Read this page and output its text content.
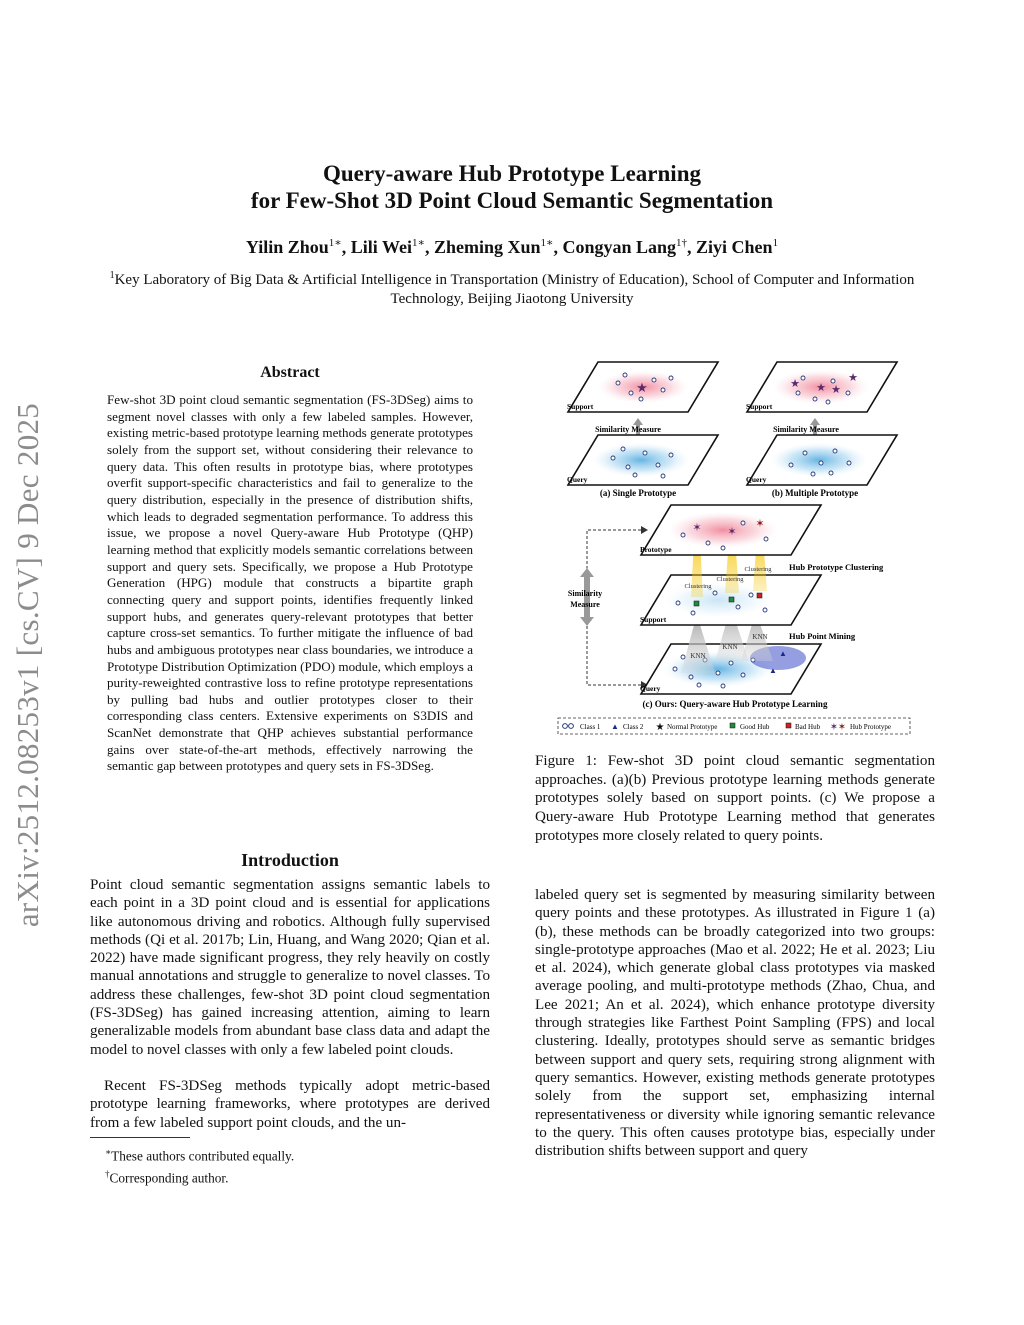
arXiv:2512.08253v1 [cs.CV] 9 Dec 2025
Query-aware Hub Prototype Learning
for Few-Shot 3D Point Cloud Semantic Segmentation
Yilin Zhou$^{1∗}$, Lili Wei$^{1∗}$, Zheming Xun$^{1∗}$, Congyan Lang$^{1\dagger}$, Ziyi Chen$^1$
$^1$Key Laboratory of Big Data & Artificial Intelligence in Transportation (Ministry of Education), School of Computer and Information Technology, Beijing Jiaotong University
Abstract
Few-shot 3D point cloud semantic segmentation (FS-3DSeg) aims to segment novel classes with only a few labeled samples. However, existing metric-based prototype learning methods generate prototypes solely from the support set, without considering their relevance to query data. This often results in prototype bias, where prototypes overfit support-specific characteristics and fail to generalize to the query distribution, especially in the presence of distribution shifts, which leads to degraded segmentation performance. To address this issue, we propose a novel Query-aware Hub Prototype (QHP) learning method that explicitly models semantic correlations between support and query sets. Specifically, we propose a Hub Prototype Generation (HPG) module that constructs a bipartite graph connecting query and support points, identifies frequently linked support hubs, and generates query-relevant prototypes that better capture cross-set semantics. To further mitigate the influence of bad hubs and ambiguous prototypes near class boundaries, we introduce a Prototype Distribution Optimization (PDO) module, which employs a purity-reweighted contrastive loss to refine prototype representations by pulling bad hubs and outlier prototypes closer to their corresponding class centers. Extensive experiments on S3DIS and ScanNet demonstrate that QHP achieves substantial performance gains over state-of-the-art methods, effectively narrowing the semantic gap between prototypes and query sets in FS-3DSeg.
Introduction
Point cloud semantic segmentation assigns semantic labels to each point in a 3D point cloud and is essential for applications like autonomous driving and robotics. Although fully supervised methods (Qi et al. 2017b; Lin, Huang, and Wang 2020; Qian et al. 2022) have made significant progress, they rely heavily on costly manual annotations and struggle to generalize to novel classes. To address these challenges, few-shot 3D point cloud segmentation (FS-3DSeg) has gained increasing attention, aiming to learn generalizable models from abundant base class data and adapt the model to novel classes with only a few labeled point clouds.
Recent FS-3DSeg methods typically adopt metric-based prototype learning frameworks, where prototypes are derived from a few labeled support point clouds, and the un-
∗These authors contributed equally.
†Corresponding author.
★
Support
Similarity Measure
Query
(a) Single Prototype
★ ★
★
★
Support
Similarity Measure
Query
(b) Multiple Prototype
Similarity
Measure
▲
▲
Query
KNN
KNN
KNN
Support
Clustering
Clustering
Clustering
✶ ✶
✶
Prototype
Hub Prototype Clustering
Hub Point Mining
(c) Ours: Query-aware Hub Prototype Learning
Class 1 ▲ Class 2 ★ Normal Prototype	Good Hub	Bad Hub ✶ ✶ Hub Prototype
Figure 1: Few-shot 3D point cloud semantic segmentation approaches. (a)(b) Previous prototype learning methods generate prototypes solely based on support points. (c) We propose a Query-aware Hub Prototype Learning method that generates prototypes more closely related to query points.
labeled query set is segmented by measuring similarity between query points and these prototypes. As illustrated in Figure 1 (a)(b), these methods can be broadly categorized into two groups: single-prototype approaches (Mao et al. 2022; He et al. 2023; Liu et al. 2024), which generate global class prototypes via masked average pooling, and multi-prototype methods (Zhao, Chua, and Lee 2021; An et al. 2024), which enhance prototype diversity through strategies like Farthest Point Sampling (FPS) and local clustering. Ideally, prototypes should serve as semantic bridges between support and query sets, requiring strong alignment with query semantics. However, existing methods generate prototypes solely from the support set, emphasizing internal representativeness or diversity while ignoring semantic relevance to the query. This often causes prototype bias, especially under distribution shifts between support and query
